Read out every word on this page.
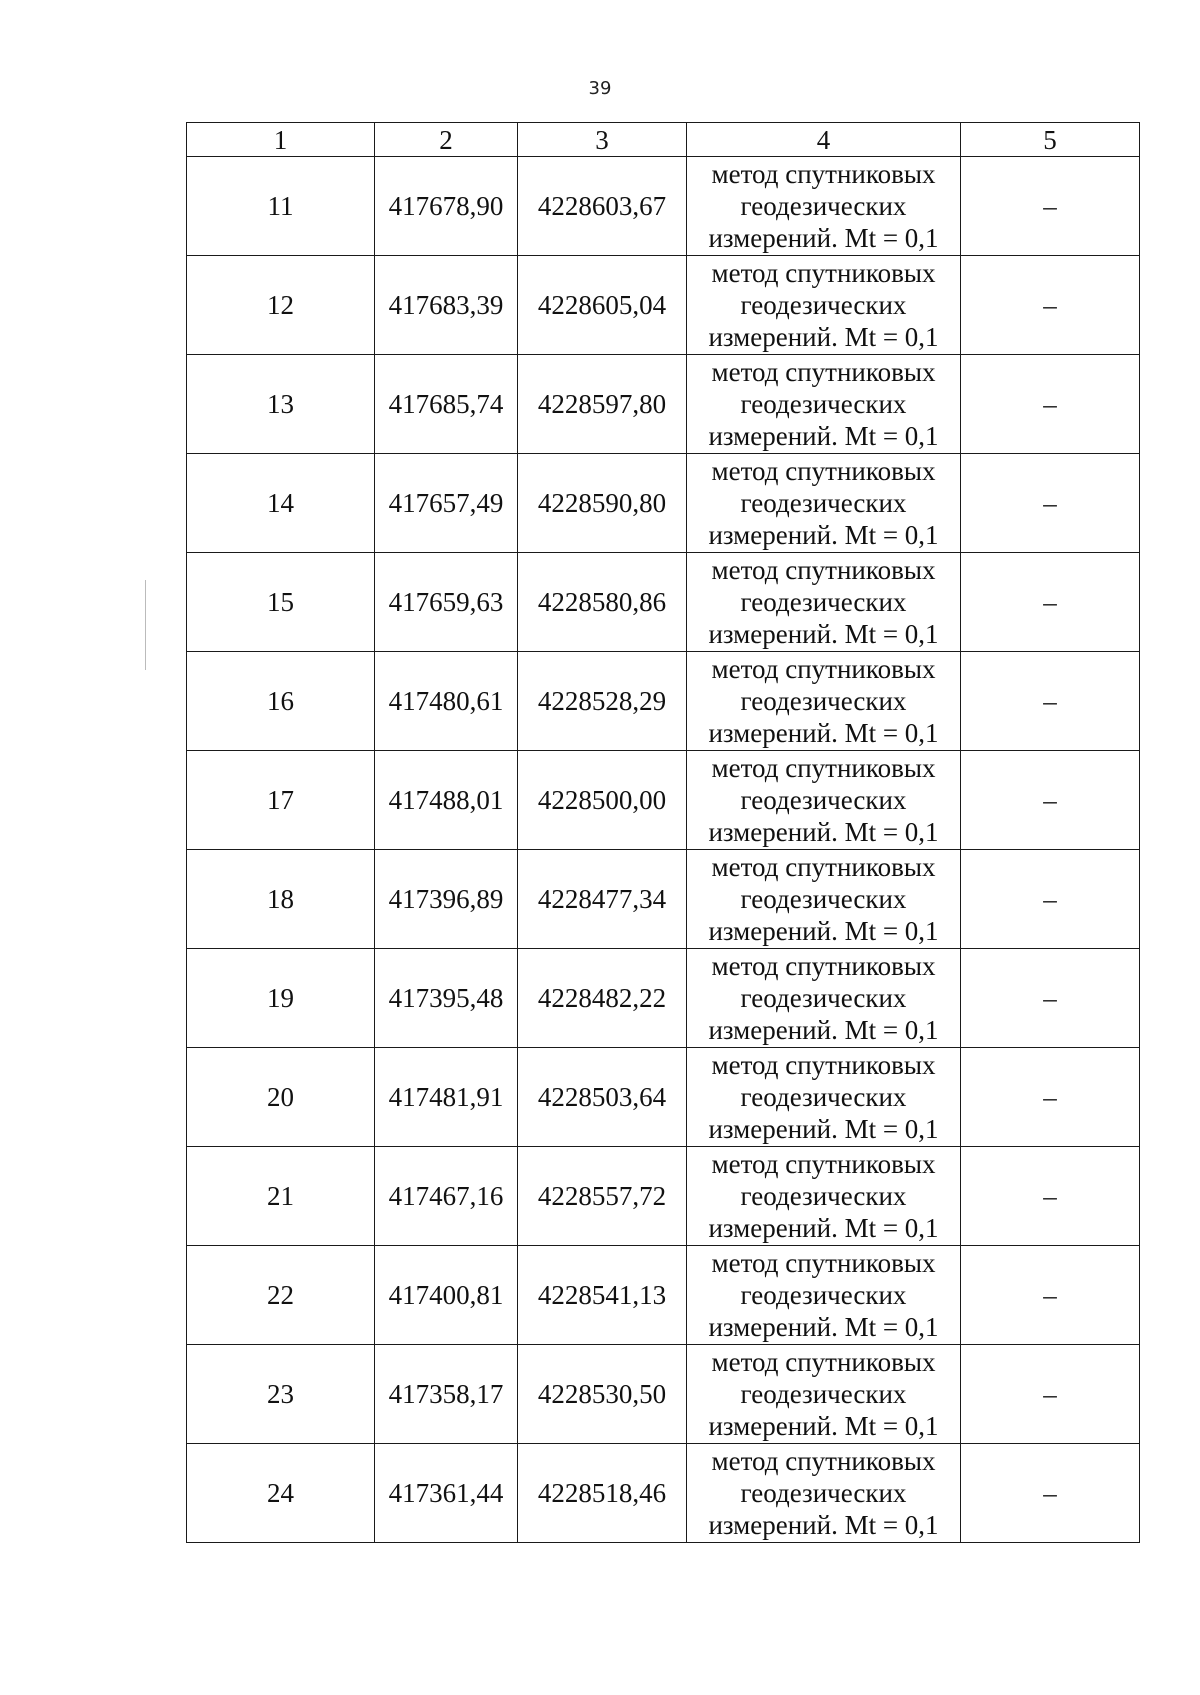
39
1	2	3	4	5
11	417678,90	4228603,67	метод спутниковых
геодезических
измерений. Mt = 0,1	–
12	417683,39	4228605,04	метод спутниковых
геодезических
измерений. Mt = 0,1	–
13	417685,74	4228597,80	метод спутниковых
геодезических
измерений. Mt = 0,1	–
14	417657,49	4228590,80	метод спутниковых
геодезических
измерений. Mt = 0,1	–
15	417659,63	4228580,86	метод спутниковых
геодезических
измерений. Mt = 0,1	–
16	417480,61	4228528,29	метод спутниковых
геодезических
измерений. Mt = 0,1	–
17	417488,01	4228500,00	метод спутниковых
геодезических
измерений. Mt = 0,1	–
18	417396,89	4228477,34	метод спутниковых
геодезических
измерений. Mt = 0,1	–
19	417395,48	4228482,22	метод спутниковых
геодезических
измерений. Mt = 0,1	–
20	417481,91	4228503,64	метод спутниковых
геодезических
измерений. Mt = 0,1	–
21	417467,16	4228557,72	метод спутниковых
геодезических
измерений. Mt = 0,1	–
22	417400,81	4228541,13	метод спутниковых
геодезических
измерений. Mt = 0,1	–
23	417358,17	4228530,50	метод спутниковых
геодезических
измерений. Mt = 0,1	–
24	417361,44	4228518,46	метод спутниковых
геодезических
измерений. Mt = 0,1	–
